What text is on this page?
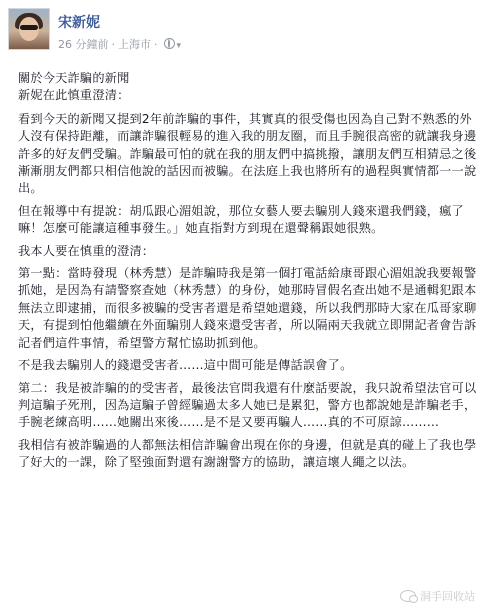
宋新妮
26 分鐘前 · 上海市 · ▾

關於今天詐騙的新聞
新妮在此慎重澄清：

看到今天的新聞又提到2年前詐騙的事件，其實真的很受傷也因為自己對不熟悉的外人沒有保持距離，而讓詐騙很輕易的進入我的朋友圈，而且手腕很高密的就讓我身邊許多的好友們受騙。詐騙最可怕的就在我的朋友們中搞挑撥，讓朋友們互相猜忌之後漸漸朋友們都只相信他說的話因而被騙。在法庭上我也將所有的過程與實情都一一說出。

但在報導中有提說：胡瓜跟心湄姐說，那位女藝人要去騙別人錢來還我們錢，瘋了嘛！怎麼可能讓這種事發生。」她直指對方到現在還聲稱跟她很熟。

我本人要在慎重的澄清：

第一點：當時發現（林秀慧）是詐騙時我是第一個打電話給康哥跟心湄姐說我要報警抓她，是因為有請警察查她（林秀慧）的身份，她那時冒假名查出她不是通輯犯跟本無法立即逮捕，而很多被騙的受害者還是希望她還錢，所以我們那時大家在瓜哥家聊天，有提到怕他繼續在外面騙別人錢來還受害者，所以隔兩天我就立即開記者會告訴記者們這件事情，希望警方幫忙協助抓到他。

不是我去騙別人的錢還受害者……這中間可能是傳話誤會了。

第二：我是被詐騙的的受害者，最後法官問我還有什麼話要說，我只說希望法官可以判這騙子死刑，因為這騙子曾經騙過太多人她已是累犯，警方也都說她是詐騙老手，手腕老練高明……她關出來後……是不是又要再騙人……真的不可原諒………

我相信有被詐騙過的人都無法相信詐騙會出現在你的身邊，但就是真的碰上了我也學了好大的一課，除了堅強面對還有謝謝警方的協助，讓這壞人繩之以法。

洞手回收站
